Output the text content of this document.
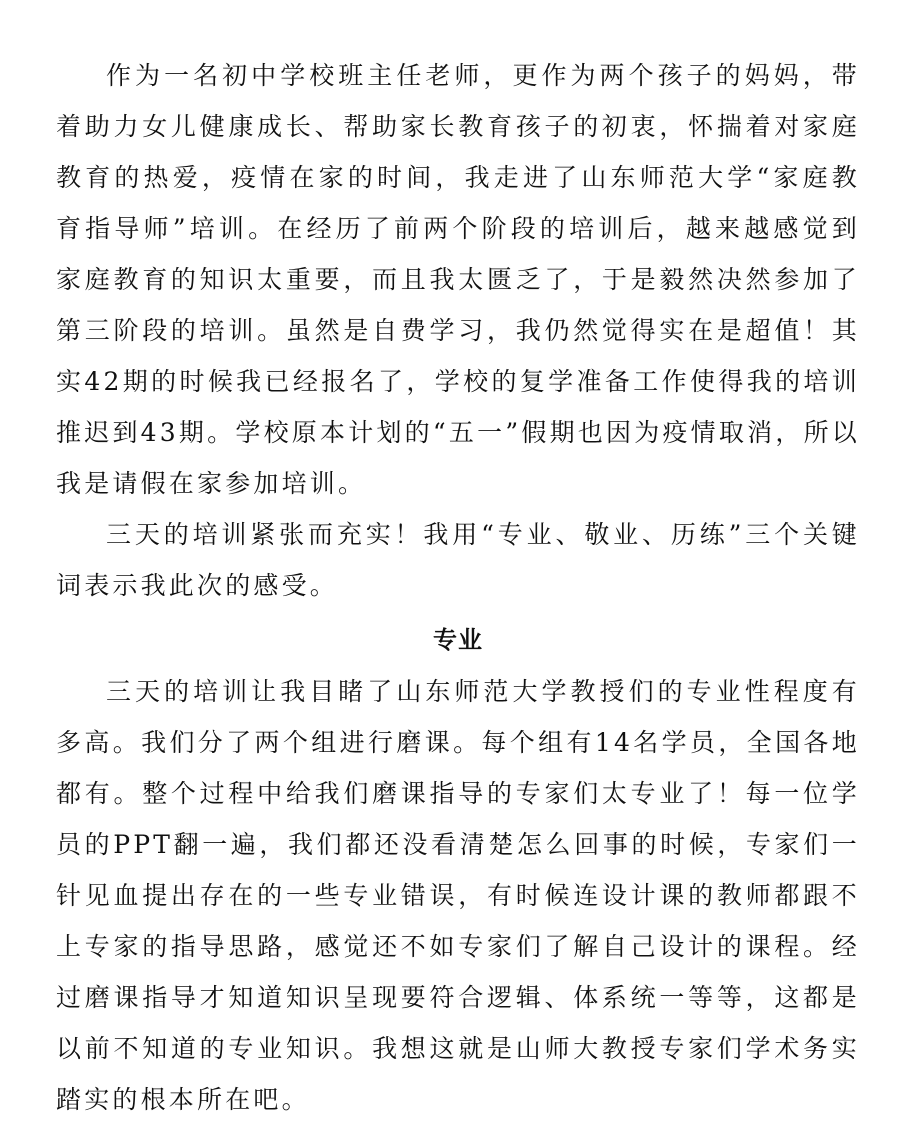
作为一名初中学校班主任老师，更作为两个孩子的妈妈，带着助力女儿健康成长、帮助家长教育孩子的初衷，怀揣着对家庭教育的热爱，疫情在家的时间，我走进了山东师范大学“家庭教育指导师”培训。在经历了前两个阶段的培训后，越来越感觉到家庭教育的知识太重要，而且我太匮乏了，于是毅然决然参加了第三阶段的培训。虽然是自费学习，我仍然觉得实在是超值！其实42期的时候我已经报名了，学校的复学准备工作使得我的培训推迟到43期。学校原本计划的“五一”假期也因为疫情取消，所以我是请假在家参加培训。

三天的培训紧张而充实！我用“专业、敬业、历练”三个关键词表示我此次的感受。

专业

三天的培训让我目睹了山东师范大学教授们的专业性程度有多高。我们分了两个组进行磨课。每个组有14名学员，全国各地都有。整个过程中给我们磨课指导的专家们太专业了！每一位学员的PPT翻一遍，我们都还没看清楚怎么回事的时候，专家们一针见血提出存在的一些专业错误，有时候连设计课的教师都跟不上专家的指导思路，感觉还不如专家们了解自己设计的课程。经过磨课指导才知道知识呈现要符合逻辑、体系统一等等，这都是以前不知道的专业知识。我想这就是山师大教授专家们学术务实踏实的根本所在吧。
